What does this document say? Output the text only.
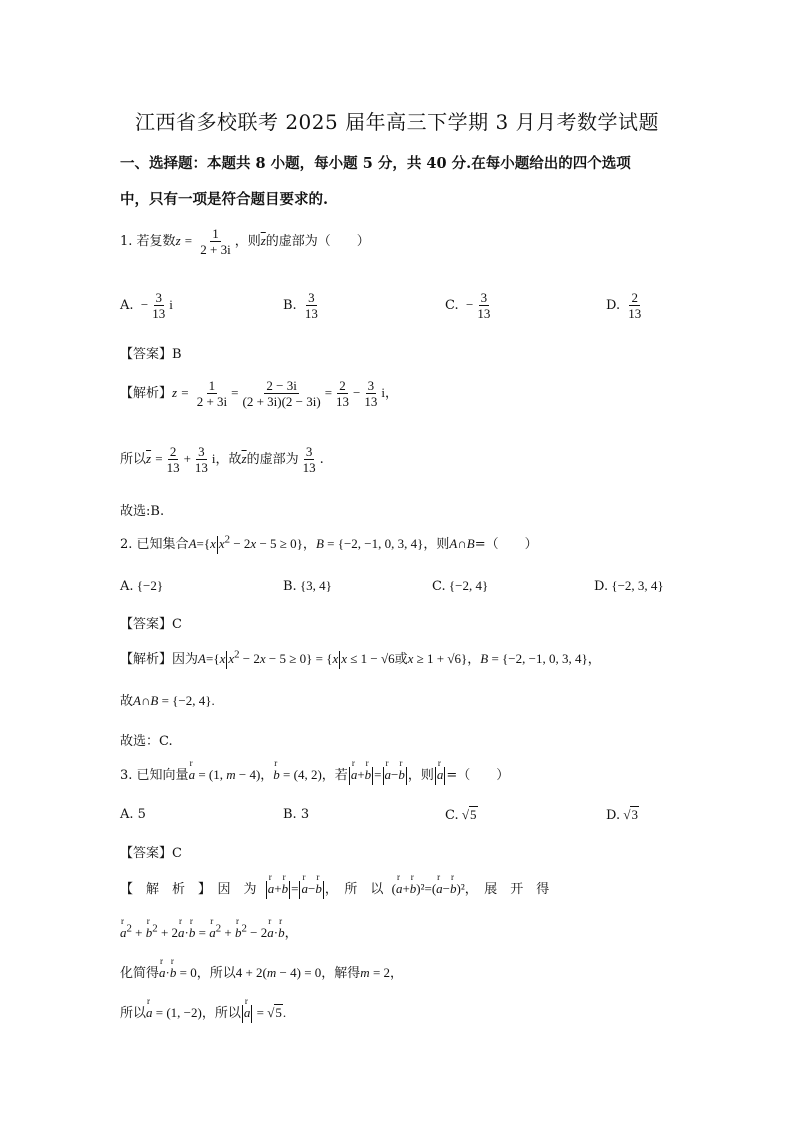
江西省多校联考 2025 届年高三下学期 3 月月考数学试题
一、选择题：本题共 8 小题，每小题 5 分，共 40 分.在每小题给出的四个选项
中，只有一项是符合题目要求的.
1. 若复数$z = \frac{1}{2 + 3i}$ ，则$\overline{z}$的虚部为（　　）
A.  − $\frac{3}{13}$ i	B. $\frac{3}{13}$	C.  − $\frac{3}{13}$	D. $\frac{2}{13}$
【答案】B
【解析】$z = \frac{1}{2 + 3i} = \frac{2 - 3i}{(2 + 3i)(2 - 3i)} = \frac{2}{13} - \frac{3}{13}$ i，
所以$\overline{z} = \frac{2}{13} + \frac{3}{13}$ i，故$\overline{z}$的虚部为 $\frac{3}{13}$ .
故选:B.
2. 已知集合A={x $x^2 - 2x - 5 \ge 0$}，B = {−2, −1, 0, 3, 4}，则A∩B=（　　）
A. {−2}	B. {3, 4}	C. {−2, 4}	D. {−2, 3, 4}
【答案】C
【解析】因为A={x $x^2 - 2x - 5 \ge 0\} = \{x$ x ≤ 1 − √6或x ≥ 1 + √6}，B = {−2, −1, 0, 3, 4}，
故A∩B = {−2, 4}.
故选：C.
3. 已知向量r a = (1, m − 4)，r b = (4, 2)，若 r a+r b = r a−r b ，则 r a =（　　）
A. 5	B. 3	C. √5	D. √3
【答案】C
【　解　析　】　因　为 r a+r b = r a−r b ，　所　以 (r a+r b)²=(r a−r b)²，　展　开　得
r $a^2 + r$ $b^2 + 2r$ a·r b = r $a^2 + r$ $b^2 - 2r$ a·r b，
化简得r a·r b = 0，所以4 + 2(m − 4) = 0，解得m = 2，
所以r a = (1, −2)，所以 r a = √5.
